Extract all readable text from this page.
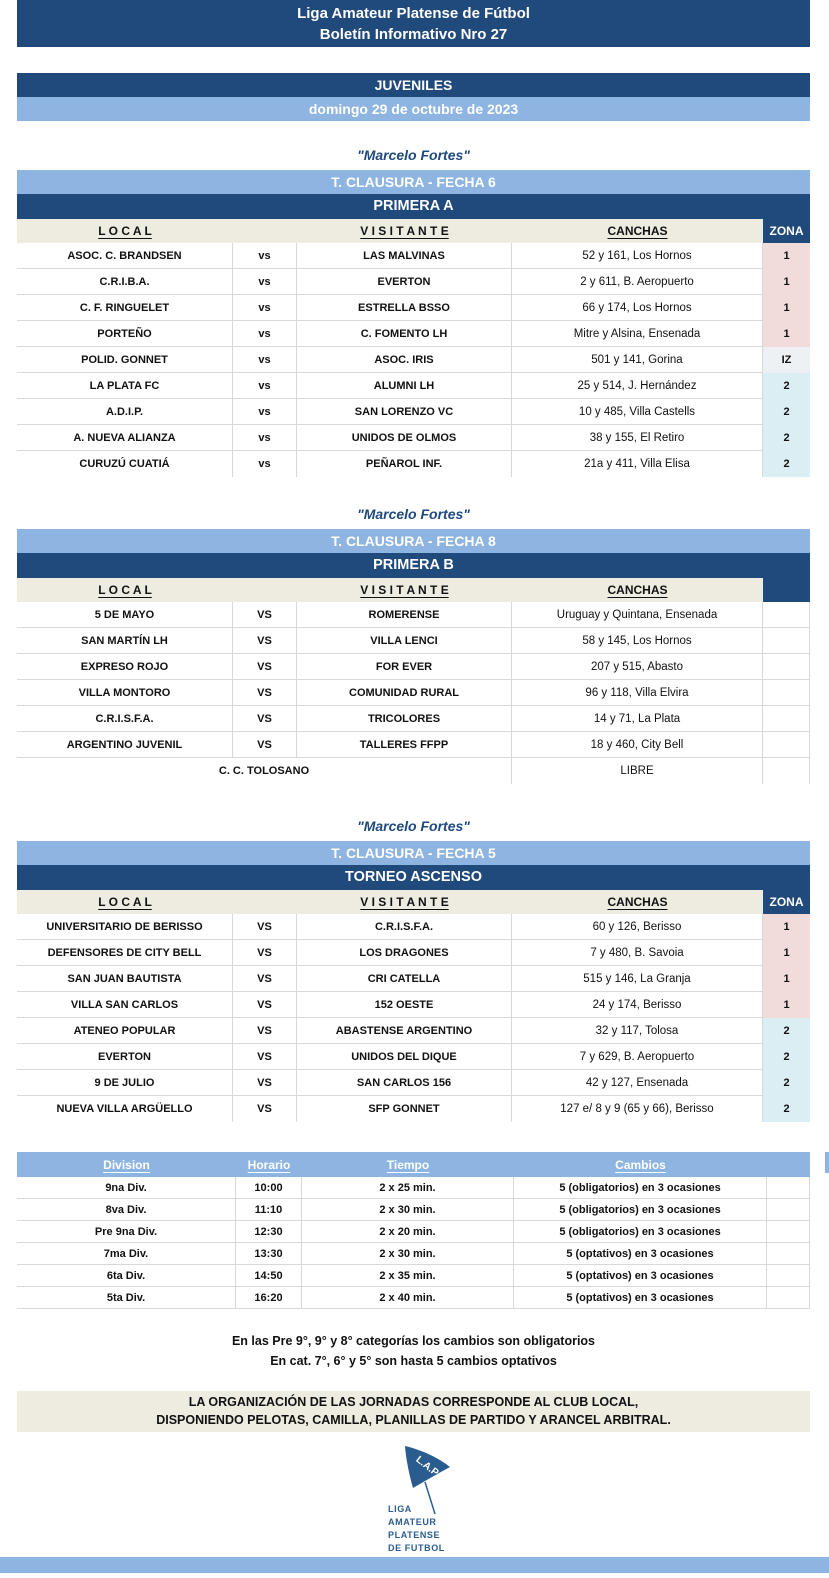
Liga Amateur Platense de Fútbol
Boletín Informativo Nro 27
JUVENILES
domingo 29 de octubre de 2023
"Marcelo Fortes"
T. CLAUSURA - FECHA 6
PRIMERA A
L O C A L	V I S I T A N T E	CANCHAS	ZONA
ASOC. C. BRANDSEN	vs	LAS MALVINAS	52 y 161, Los Hornos	1
C.R.I.B.A.	vs	EVERTON	2 y 611, B. Aeropuerto	1
C. F. RINGUELET	vs	ESTRELLA BSSO	66 y 174, Los Hornos	1
PORTEÑO	vs	C. FOMENTO LH	Mitre y Alsina, Ensenada	1
POLID. GONNET	vs	ASOC. IRIS	501 y 141, Gorina	IZ
LA PLATA FC	vs	ALUMNI LH	25 y 514, J. Hernández	2
A.D.I.P.	vs	SAN LORENZO VC	10 y 485, Villa Castells	2
A. NUEVA ALIANZA	vs	UNIDOS DE OLMOS	38 y 155, El Retiro	2
CURUZÚ CUATIÁ	vs	PEÑAROL INF.	21a y 411, Villa Elisa	2
"Marcelo Fortes"
T. CLAUSURA - FECHA 8
PRIMERA B
L O C A L	V I S I T A N T E	CANCHAS
5 DE MAYO	VS	ROMERENSE	Uruguay y Quintana, Ensenada
SAN MARTÍN LH	VS	VILLA LENCI	58 y 145, Los Hornos
EXPRESO ROJO	VS	FOR EVER	207 y 515, Abasto
VILLA MONTORO	VS	COMUNIDAD RURAL	96 y 118, Villa Elvira
C.R.I.S.F.A.	VS	TRICOLORES	14 y 71, La Plata
ARGENTINO JUVENIL	VS	TALLERES FFPP	18 y 460, City Bell
C. C. TOLOSANO	LIBRE
"Marcelo Fortes"
T. CLAUSURA - FECHA 5
TORNEO ASCENSO
L O C A L	V I S I T A N T E	CANCHAS	ZONA
UNIVERSITARIO DE BERISSO	VS	C.R.I.S.F.A.	60 y 126, Berisso	1
DEFENSORES DE CITY BELL	VS	LOS DRAGONES	7 y 480, B. Savoia	1
SAN JUAN BAUTISTA	VS	CRI CATELLA	515 y 146, La Granja	1
VILLA SAN CARLOS	VS	152 OESTE	24 y 174, Berisso	1
ATENEO POPULAR	VS	ABASTENSE ARGENTINO	32 y 117, Tolosa	2
EVERTON	VS	UNIDOS DEL DIQUE	7 y 629, B. Aeropuerto	2
9 DE JULIO	VS	SAN CARLOS 156	42 y 127, Ensenada	2
NUEVA VILLA ARGÜELLO	VS	SFP GONNET	127 e/ 8 y 9 (65 y 66), Berisso	2
Division	Horario	Tiempo	Cambios
9na Div.	10:00	2 x 25 min.	5 (obligatorios) en 3 ocasiones
8va Div.	11:10	2 x 30 min.	5 (obligatorios) en 3 ocasiones
Pre 9na Div.	12:30	2 x 20 min.	5 (obligatorios) en 3 ocasiones
7ma Div.	13:30	2 x 30 min.	5 (optativos) en 3 ocasiones
6ta Div.	14:50	2 x 35 min.	5 (optativos) en 3 ocasiones
5ta Div.	16:20	2 x 40 min.	5 (optativos) en 3 ocasiones
En las Pre 9°, 9° y 8° categorías los cambios son obligatorios
En cat. 7°, 6° y 5° son hasta 5 cambios optativos
LA ORGANIZACIÓN DE LAS JORNADAS CORRESPONDE AL CLUB LOCAL,
DISPONIENDO PELOTAS, CAMILLA, PLANILLAS DE PARTIDO Y ARANCEL ARBITRAL.
L.A.P.
LIGA
AMATEUR
PLATENSE
DE FUTBOL
